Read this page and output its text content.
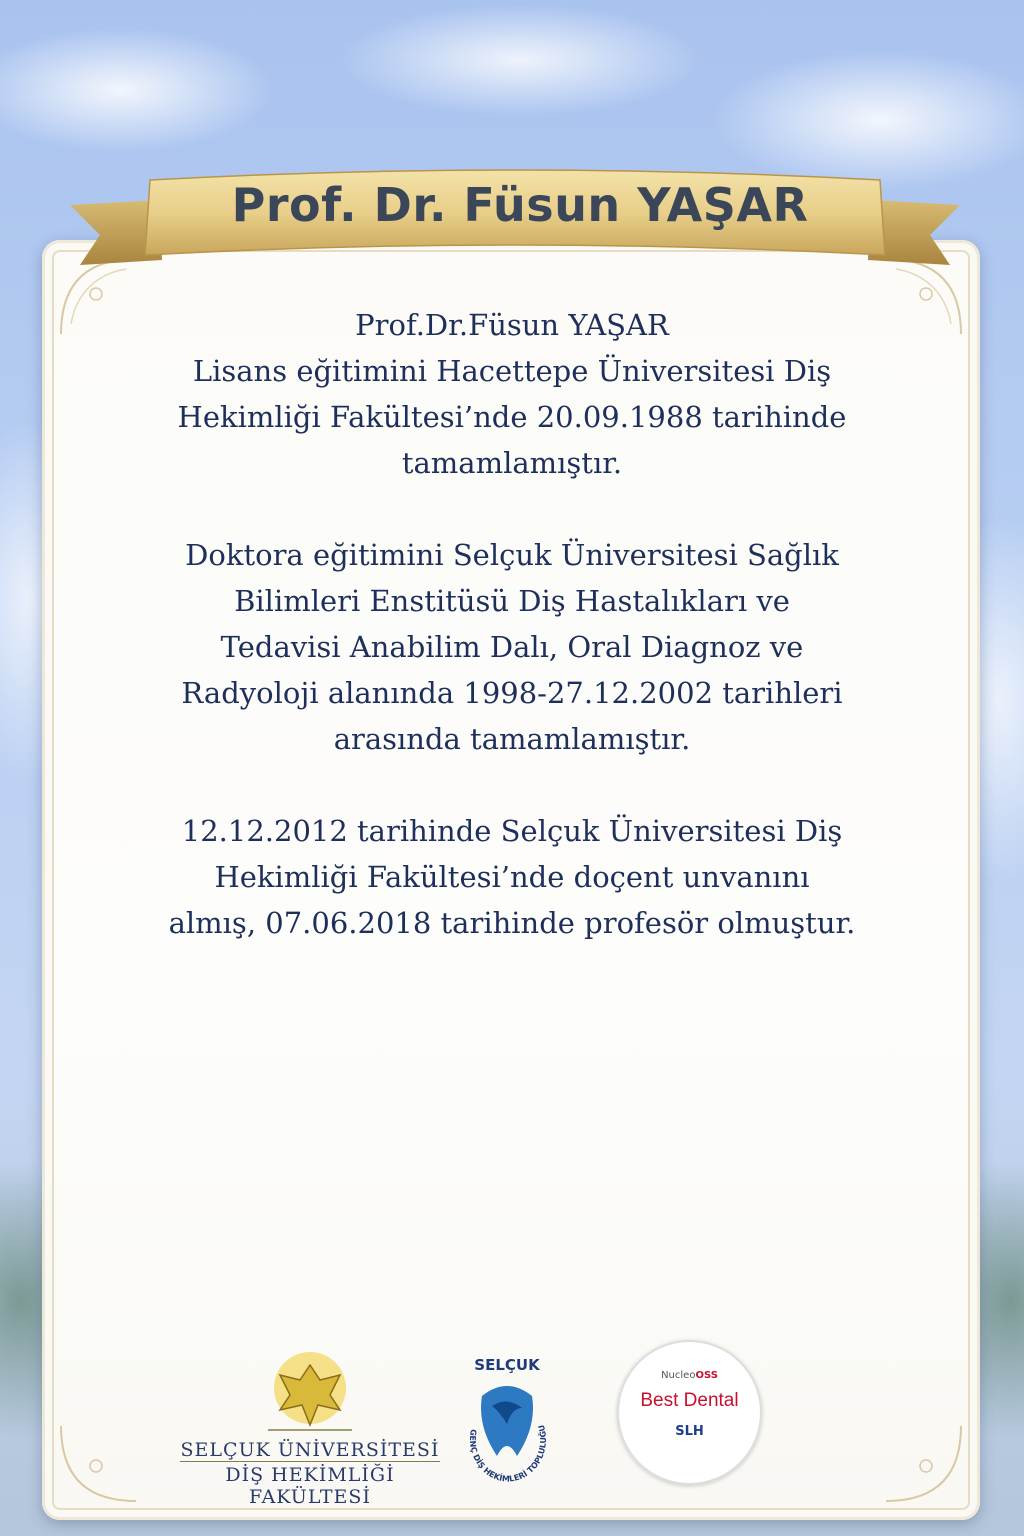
Prof. Dr. Füsun YAŞAR

Prof.Dr.Füsun YAŞAR
Lisans eğitimini Hacettepe Üniversitesi Diş
Hekimliği Fakültesi’nde 20.09.1988 tarihinde
tamamlamıştır.

Doktora eğitimini Selçuk Üniversitesi Sağlık
Bilimleri Enstitüsü Diş Hastalıkları ve
Tedavisi Anabilim Dalı, Oral Diagnoz ve
Radyoloji alanında 1998-27.12.2002 tarihleri
arasında tamamlamıştır.

12.12.2012 tarihinde Selçuk Üniversitesi Diş
Hekimliği Fakültesi’nde doçent unvanını
almış, 07.06.2018 tarihinde profesör olmuştur.

SELÇUK ÜNİVERSİTESİ
DİŞ HEKİMLİĞİ FAKÜLTESİ
SELÇUK
GENÇ DİŞ HEKİMLERİ TOPLULUĞU
NucleoOSS
Best Dental
SLH
